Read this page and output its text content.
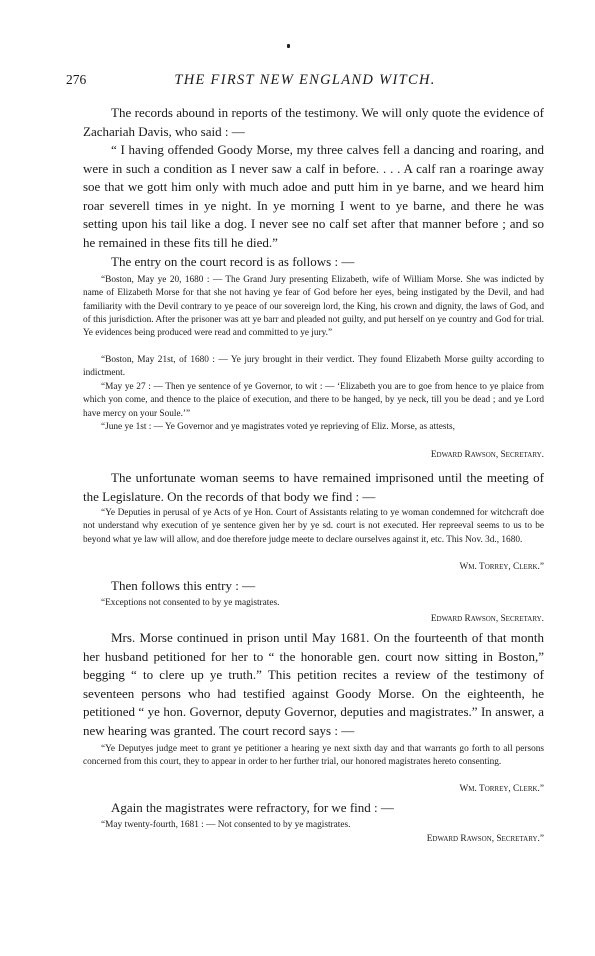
276	THE FIRST NEW ENGLAND WITCH.

The records abound in reports of the testimony. We will only quote the evidence of Zachariah Davis, who said : —

“ I having offended Goody Morse, my three calves fell a dancing and roaring, and were in such a condition as I never saw a calf in before. . . . A calf ran a roaringe away soe that we gott him only with much adoe and putt him in ye barne, and we heard him roar severell times in ye night. In ye morning I went to ye barne, and there he was setting upon his tail like a dog. I never see no calf set after that manner before ; and so he remained in these fits till he died.”

The entry on the court record is as follows : —

“Boston, May ye 20, 1680 : — The Grand Jury presenting Elizabeth, wife of William Morse. She was indicted by name of Elizabeth Morse for that she not having ye fear of God before her eyes, being instigated by the Devil, and had familiarity with the Devil contrary to ye peace of our sovereign lord, the King, his crown and dignity, the laws of God, and of this jurisdiction. After the prisoner was att ye barr and pleaded not guilty, and put herself on ye country and God for trial. Ye evidences being produced were read and committed to ye jury.”

“Boston, May 21st, of 1680 : — Ye jury brought in their verdict. They found Elizabeth Morse guilty according to indictment.

“May ye 27 : — Then ye sentence of ye Governor, to wit : — ‘Elizabeth you are to goe from hence to ye plaice from which yon come, and thence to the plaice of execution, and there to be hanged, by ye neck, till you be dead ; and ye Lord have mercy on your Soule.’”

“June ye 1st : — Ye Governor and ye magistrates voted ye reprieving of Eliz. Morse, as attests,

Edward Rawson, Secretary.

The unfortunate woman seems to have remained imprisoned until the meeting of the Legislature. On the records of that body we find : —

“Ye Deputies in perusal of ye Acts of ye Hon. Court of Assistants relating to ye woman condemned for witchcraft doe not understand why execution of ye sentence given her by ye sd. court is not executed. Her repreeval seems to us to be beyond what ye law will allow, and doe therefore judge meete to declare ourselves against it, etc. This Nov. 3d., 1680.

Wm. Torrey, Clerk.”

Then follows this entry : —

“Exceptions not consented to by ye magistrates.

Edward Rawson, Secretary.

Mrs. Morse continued in prison until May 1681. On the fourteenth of that month her husband petitioned for her to “ the honorable gen. court now sitting in Boston,” begging “ to clere up ye truth.” This petition recites a review of the testimony of seventeen persons who had testified against Goody Morse. On the eighteenth, he petitioned “ ye hon. Governor, deputy Governor, deputies and magistrates.” In answer, a new hearing was granted. The court record says : —

“Ye Deputyes judge meet to grant ye petitioner a hearing ye next sixth day and that warrants go forth to all persons concerned from this court, they to appear in order to her further trial, our honored magistrates hereto consenting.

Wm. Torrey, Clerk.”

Again the magistrates were refractory, for we find : —

“May twenty-fourth, 1681 : — Not consented to by ye magistrates.

Edward Rawson, Secretary.”
